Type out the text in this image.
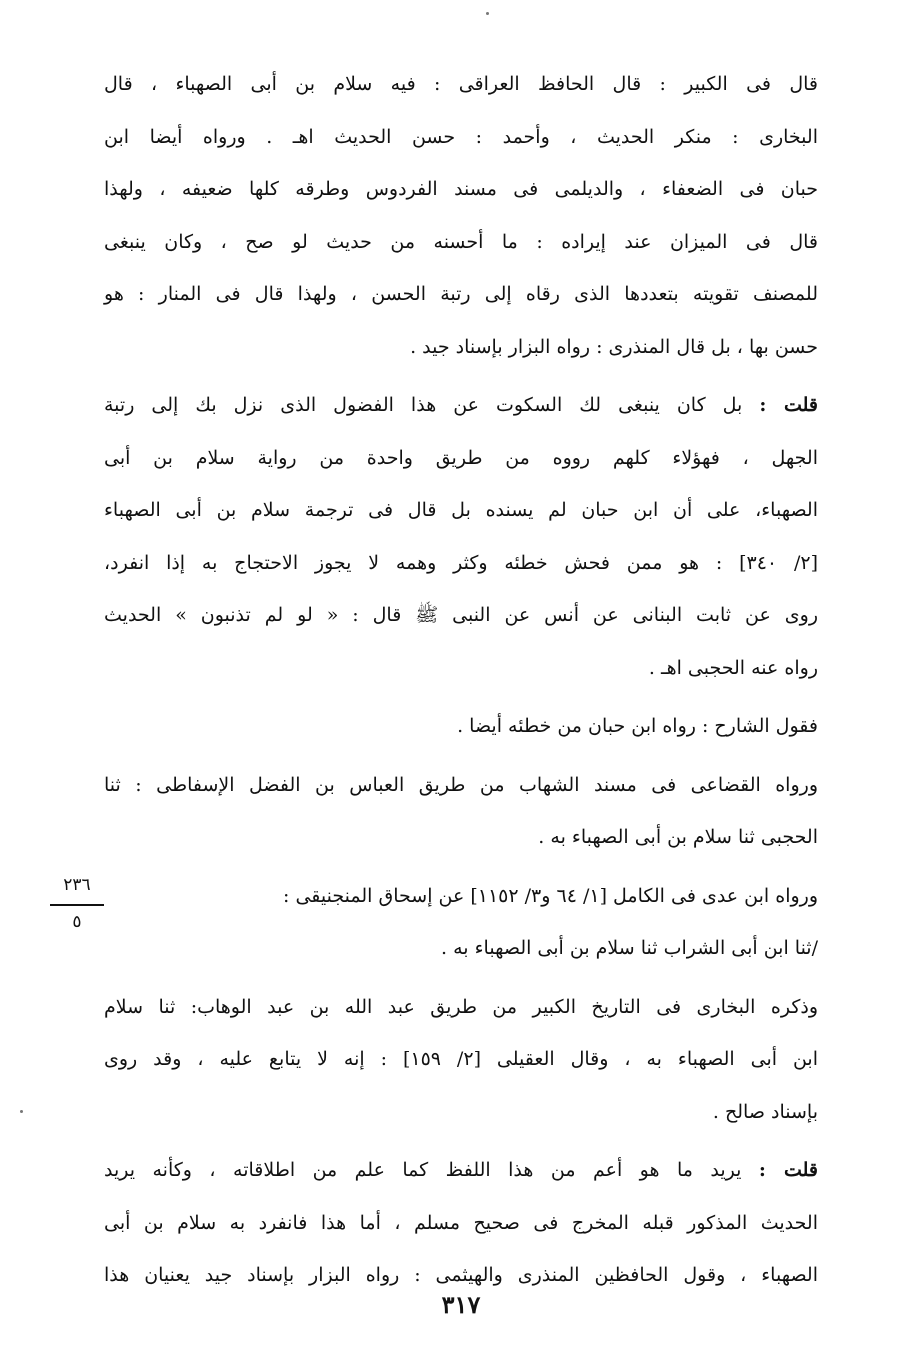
قال فى الكبير : قال الحافظ العراقى : فيه سلام بن أبى الصهباء ، قال
البخارى : منكر الحديث ، وأحمد : حسن الحديث اهـ . ورواه أيضا ابن
حبان فى الضعفاء ، والديلمى فى مسند الفردوس وطرقه كلها ضعيفه ، ولهذا
قال فى الميزان عند إيراده : ما أحسنه من حديث لو صح ، وكان ينبغى
للمصنف تقويته بتعددها الذى رقاه إلى رتبة الحسن ، ولهذا قال فى المنار : هو
حسن بها ، بل قال المنذرى : رواه البزار بإسناد جيد .
قلت : بل كان ينبغى لك السكوت عن هذا الفضول الذى نزل بك إلى رتبة
الجهل ، فهؤلاء كلهم رووه من طريق واحدة من رواية سلام بن أبى
الصهباء، على أن ابن حبان لم يسنده بل قال فى ترجمة سلام بن أبى الصهباء
[٢/ ٣٤٠] : هو ممن فحش خطئه وكثر وهمه لا يجوز الاحتجاج به إذا انفرد،
روى عن ثابت البنانى عن أنس عن النبى ﷺ قال : « لو لم تذنبون » الحديث
رواه عنه الحجبى اهـ .
فقول الشارح : رواه ابن حبان من خطئه أيضا .
ورواه القضاعى فى مسند الشهاب من طريق العباس بن الفضل الإسفاطى : ثنا
الحجبى ثنا سلام بن أبى الصهباء به .
ورواه ابن عدى فى الكامل [١/ ٦٤ و٣/ ١١٥٢] عن إسحاق المنجنيقى :
/ثنا ابن أبى الشراب ثنا سلام بن أبى الصهباء به .
وذكره البخارى فى التاريخ الكبير من طريق عبد الله بن عبد الوهاب: ثنا سلام
ابن أبى الصهباء به ، وقال العقيلى [٢/ ١٥٩] : إنه لا يتابع عليه ، وقد روى
بإسناد صالح .
قلت : يريد ما هو أعم من هذا اللفظ كما علم من اطلاقاته ، وكأنه يريد
الحديث المذكور قبله المخرج فى صحيح مسلم ، أما هذا فانفرد به سلام بن أبى
الصهباء ، وقول الحافظين المنذرى والهيثمى : رواه البزار بإسناد جيد يعنيان هذا
٢٣٦
٥
٣١٧
